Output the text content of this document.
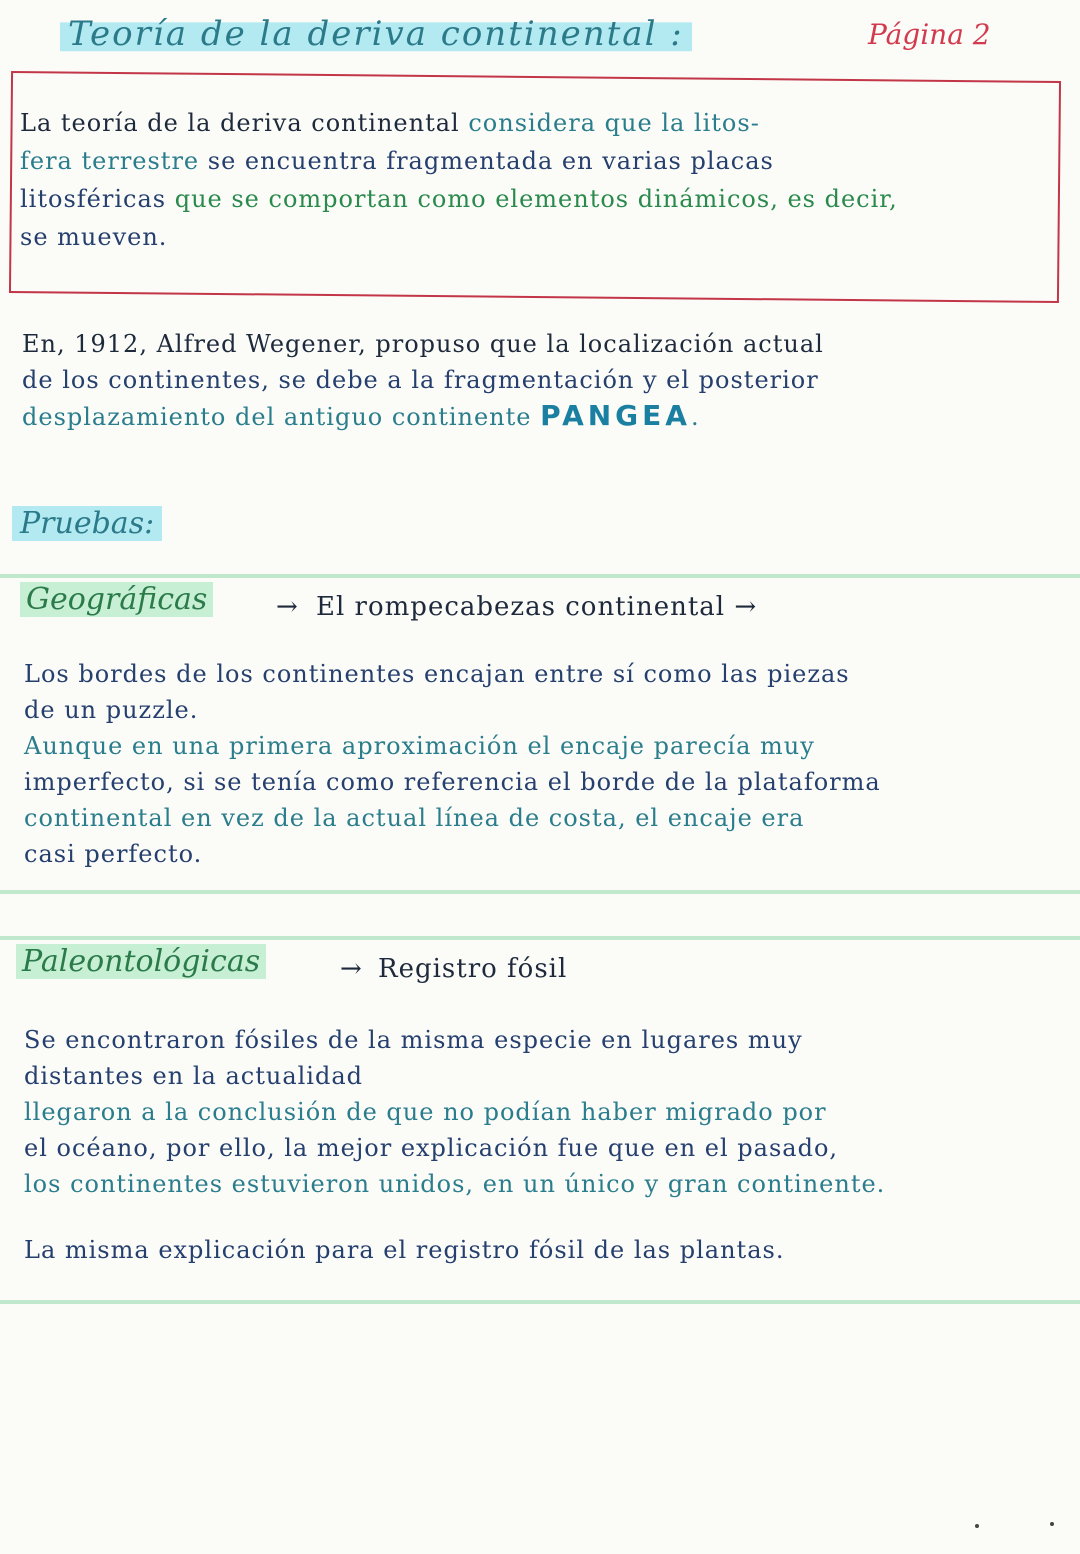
Teoría de la deriva continental :	Página 2
La teoría de la deriva continental considera que la litos-
fera terrestre se encuentra fragmentada en varias placas
litosféricas que se comportan como elementos dinámicos, es decir,
se mueven.
En, 1912, Alfred Wegener, propuso que la localización actual
de los continentes, se debe a la fragmentación y el posterior
desplazamiento del antiguo continente PANGEA.
Pruebas:
Geográficas	→ El rompecabezas continental →
Los bordes de los continentes encajan entre sí como las piezas
de un puzzle.
Aunque en una primera aproximación el encaje parecía muy
imperfecto, si se tenía como referencia el borde de la plataforma
continental en vez de la actual línea de costa, el encaje era
casi perfecto.
Paleontológicas	→ Registro fósil
Se encontraron fósiles de la misma especie en lugares muy
distantes en la actualidad
llegaron a la conclusión de que no podían haber migrado por
el océano, por ello, la mejor explicación fue que en el pasado,
los continentes estuvieron unidos, en un único y gran continente.
La misma explicación para el registro fósil de las plantas.
